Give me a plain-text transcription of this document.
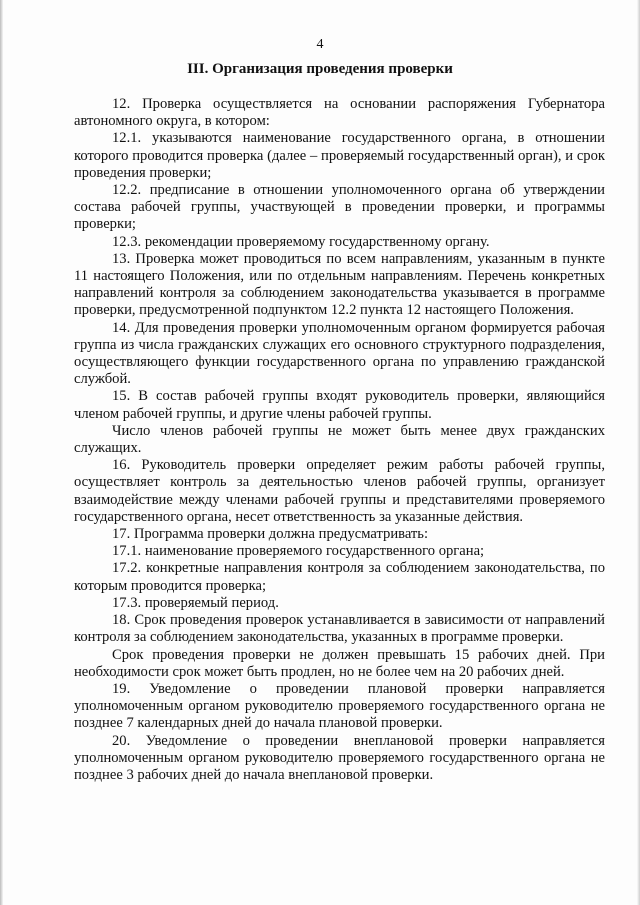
4
III. Организация проведения проверки

12. Проверка осуществляется на основании распоряжения Губернатора автономного округа, в котором:

12.1. указываются наименование государственного органа, в отношении которого проводится проверка (далее – проверяемый государственный орган), и срок проведения проверки;

12.2. предписание в отношении уполномоченного органа об утверждении состава рабочей группы, участвующей в проведении проверки, и программы проверки;

12.3. рекомендации проверяемому государственному органу.

13. Проверка может проводиться по всем направлениям, указанным в пункте 11 настоящего Положения, или по отдельным направлениям. Перечень конкретных направлений контроля за соблюдением законодательства указывается в программе проверки, предусмотренной подпунктом 12.2 пункта 12 настоящего Положения.

14. Для проведения проверки уполномоченным органом формируется рабочая группа из числа гражданских служащих его основного структурного подразделения, осуществляющего функции государственного органа по управлению гражданской службой.

15. В состав рабочей группы входят руководитель проверки, являющийся членом рабочей группы, и другие члены рабочей группы.

Число членов рабочей группы не может быть менее двух гражданских служащих.

16. Руководитель проверки определяет режим работы рабочей группы, осуществляет контроль за деятельностью членов рабочей группы, организует взаимодействие между членами рабочей группы и представителями проверяемого государственного органа, несет ответственность за указанные действия.

17. Программа проверки должна предусматривать:

17.1. наименование проверяемого государственного органа;

17.2. конкретные направления контроля за соблюдением законодательства, по которым проводится проверка;

17.3. проверяемый период.

18. Срок проведения проверок устанавливается в зависимости от направлений контроля за соблюдением законодательства, указанных в программе проверки.

Срок проведения проверки не должен превышать 15 рабочих дней. При необходимости срок может быть продлен, но не более чем на 20 рабочих дней.

19. Уведомление о проведении плановой проверки направляется уполномоченным органом руководителю проверяемого государственного органа не позднее 7 календарных дней до начала плановой проверки.

20. Уведомление о проведении внеплановой проверки направляется уполномоченным органом руководителю проверяемого государственного органа не позднее 3 рабочих дней до начала внеплановой проверки.
